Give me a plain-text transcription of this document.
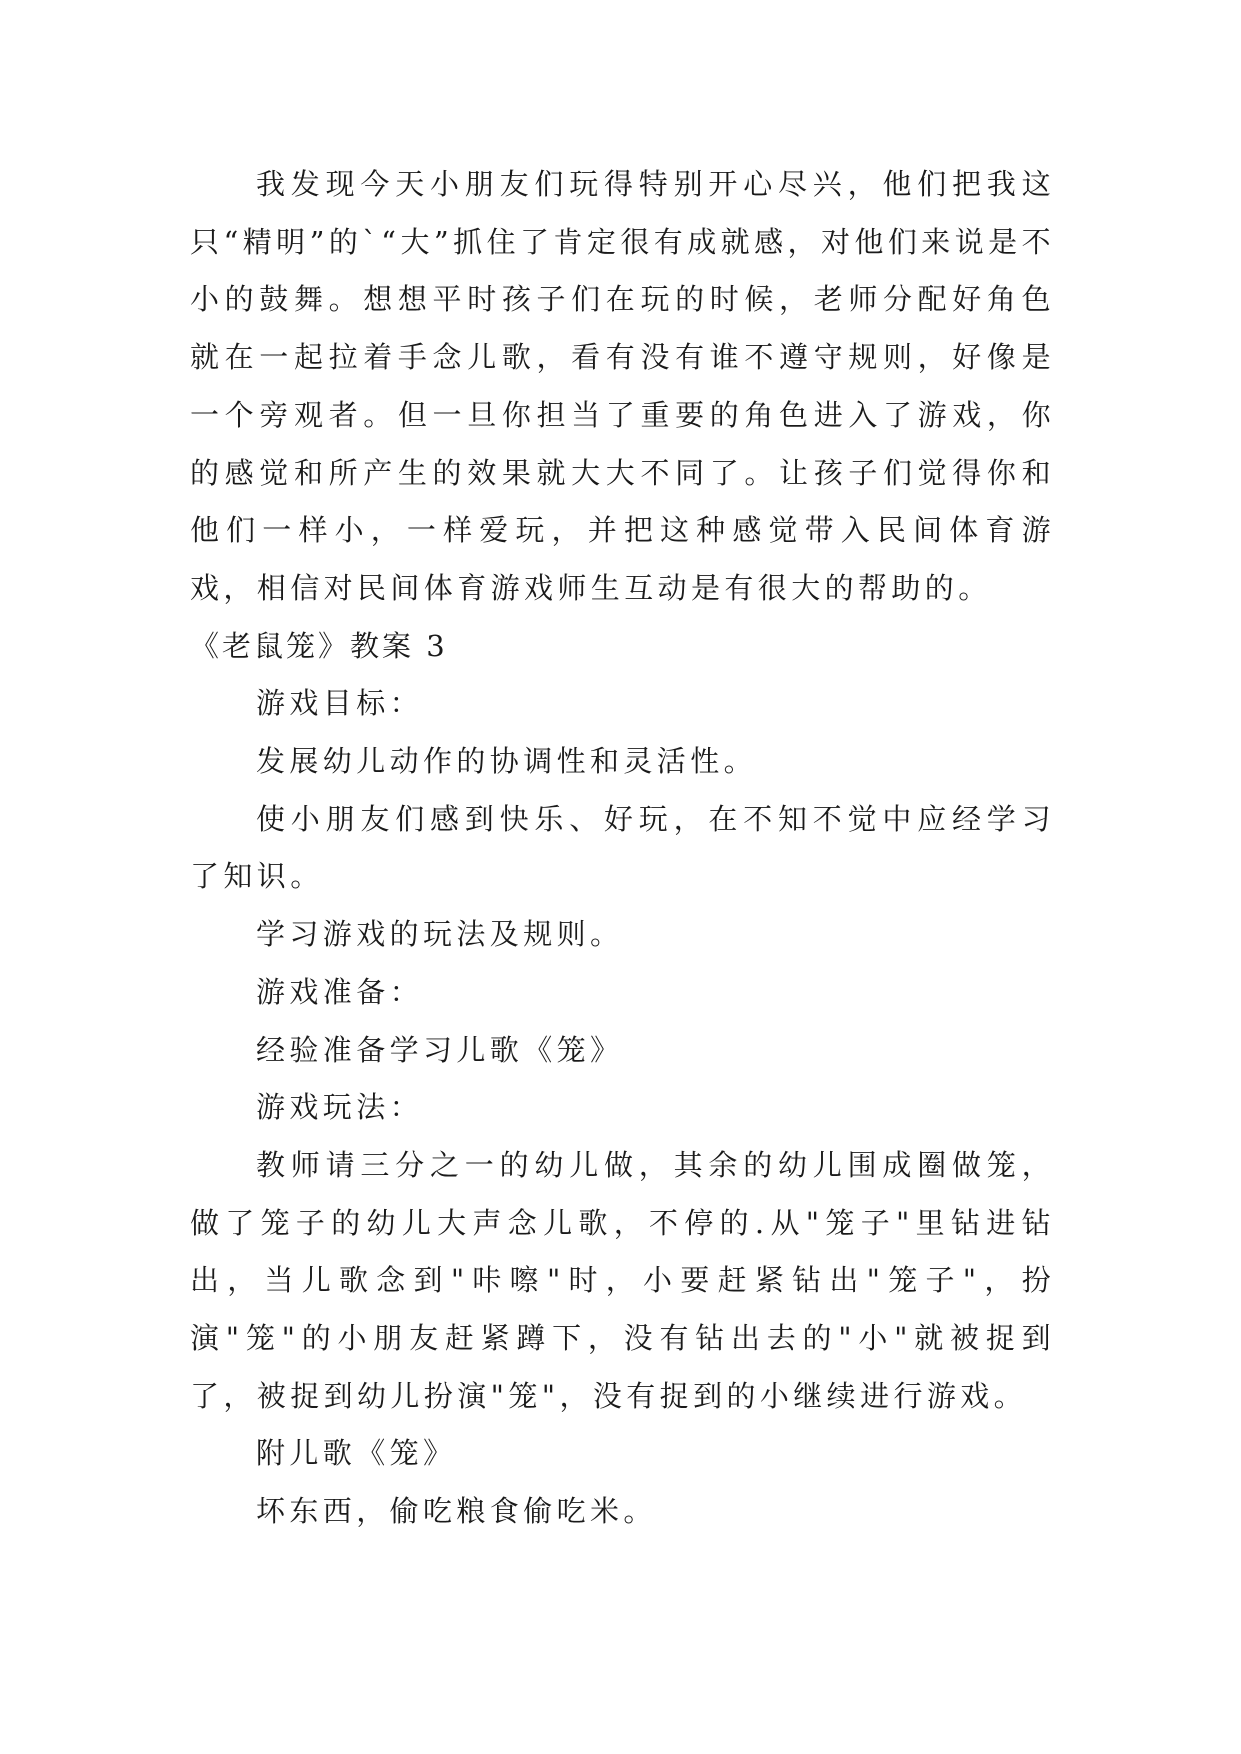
我发现今天小朋友们玩得特别开心尽兴，他们把我这只“精明”的`“大”抓住了肯定很有成就感，对他们来说是不小的鼓舞。想想平时孩子们在玩的时候，老师分配好角色就在一起拉着手念儿歌，看有没有谁不遵守规则，好像是一个旁观者。但一旦你担当了重要的角色进入了游戏，你的感觉和所产生的效果就大大不同了。让孩子们觉得你和他们一样小，一样爱玩，并把这种感觉带入民间体育游戏，相信对民间体育游戏师生互动是有很大的帮助的。

《老鼠笼》教案 3

游戏目标：

发展幼儿动作的协调性和灵活性。

使小朋友们感到快乐、好玩，在不知不觉中应经学习了知识。

学习游戏的玩法及规则。

游戏准备：

经验准备学习儿歌《笼》

游戏玩法：

教师请三分之一的幼儿做，其余的幼儿围成圈做笼，做了笼子的幼儿大声念儿歌，不停的.从"笼子"里钻进钻出，当儿歌念到"咔嚓"时，小要赶紧钻出"笼子"，扮演"笼"的小朋友赶紧蹲下，没有钻出去的"小"就被捉到了，被捉到幼儿扮演"笼"，没有捉到的小继续进行游戏。

附儿歌《笼》

坏东西，偷吃粮食偷吃米。
